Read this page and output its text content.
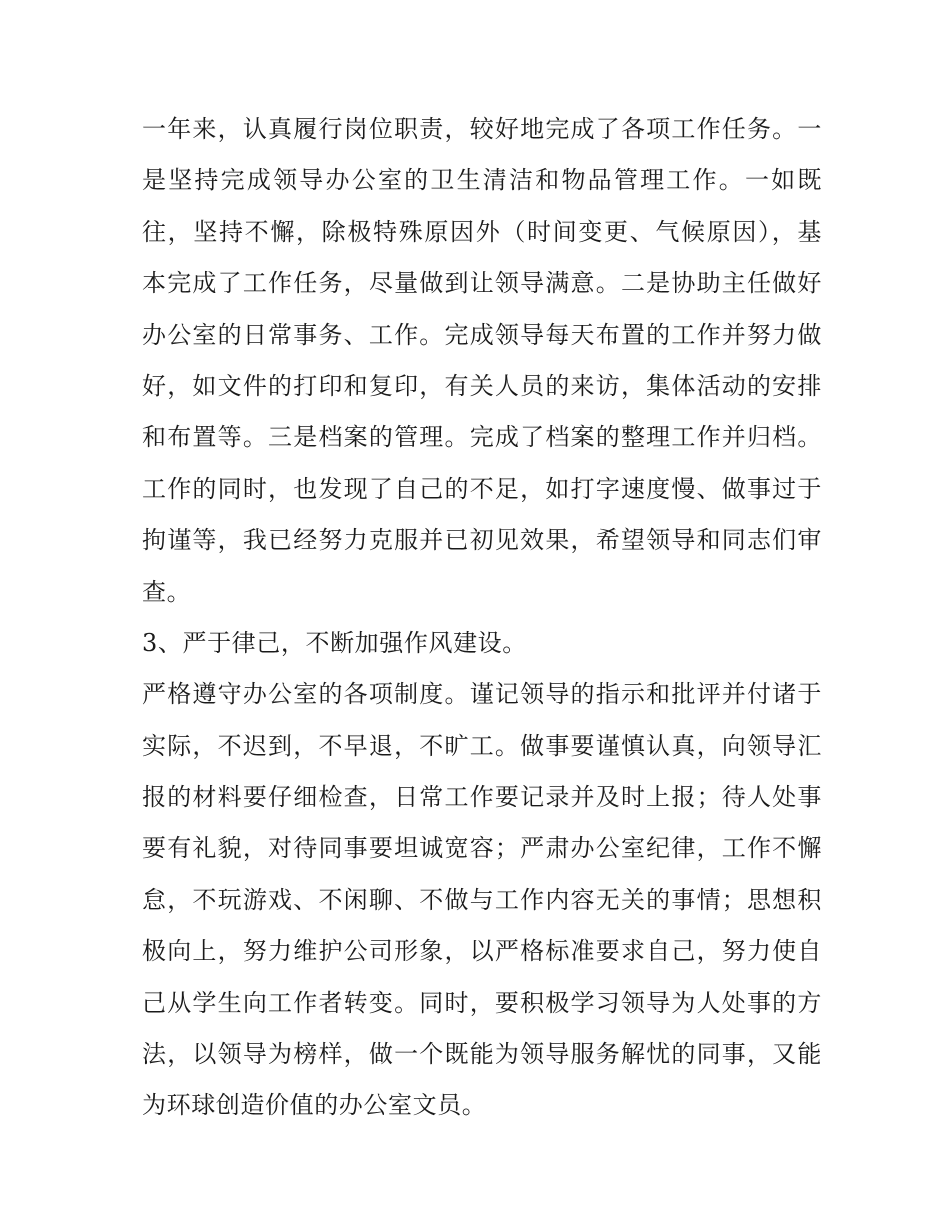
一年来，认真履行岗位职责，较好地完成了各项工作任务。一
是坚持完成领导办公室的卫生清洁和物品管理工作。一如既
往，坚持不懈，除极特殊原因外（时间变更、气候原因），基
本完成了工作任务，尽量做到让领导满意。二是协助主任做好
办公室的日常事务、工作。完成领导每天布置的工作并努力做
好，如文件的打印和复印，有关人员的来访，集体活动的安排
和布置等。三是档案的管理。完成了档案的整理工作并归档。
工作的同时，也发现了自己的不足，如打字速度慢、做事过于
拘谨等，我已经努力克服并已初见效果，希望领导和同志们审
查。
3、严于律己，不断加强作风建设。
严格遵守办公室的各项制度。谨记领导的指示和批评并付诸于
实际，不迟到，不早退，不旷工。做事要谨慎认真，向领导汇
报的材料要仔细检查，日常工作要记录并及时上报；待人处事
要有礼貌，对待同事要坦诚宽容；严肃办公室纪律，工作不懈
怠，不玩游戏、不闲聊、不做与工作内容无关的事情；思想积
极向上，努力维护公司形象，以严格标准要求自己，努力使自
己从学生向工作者转变。同时，要积极学习领导为人处事的方
法，以领导为榜样，做一个既能为领导服务解忧的同事，又能
为环球创造价值的办公室文员。
